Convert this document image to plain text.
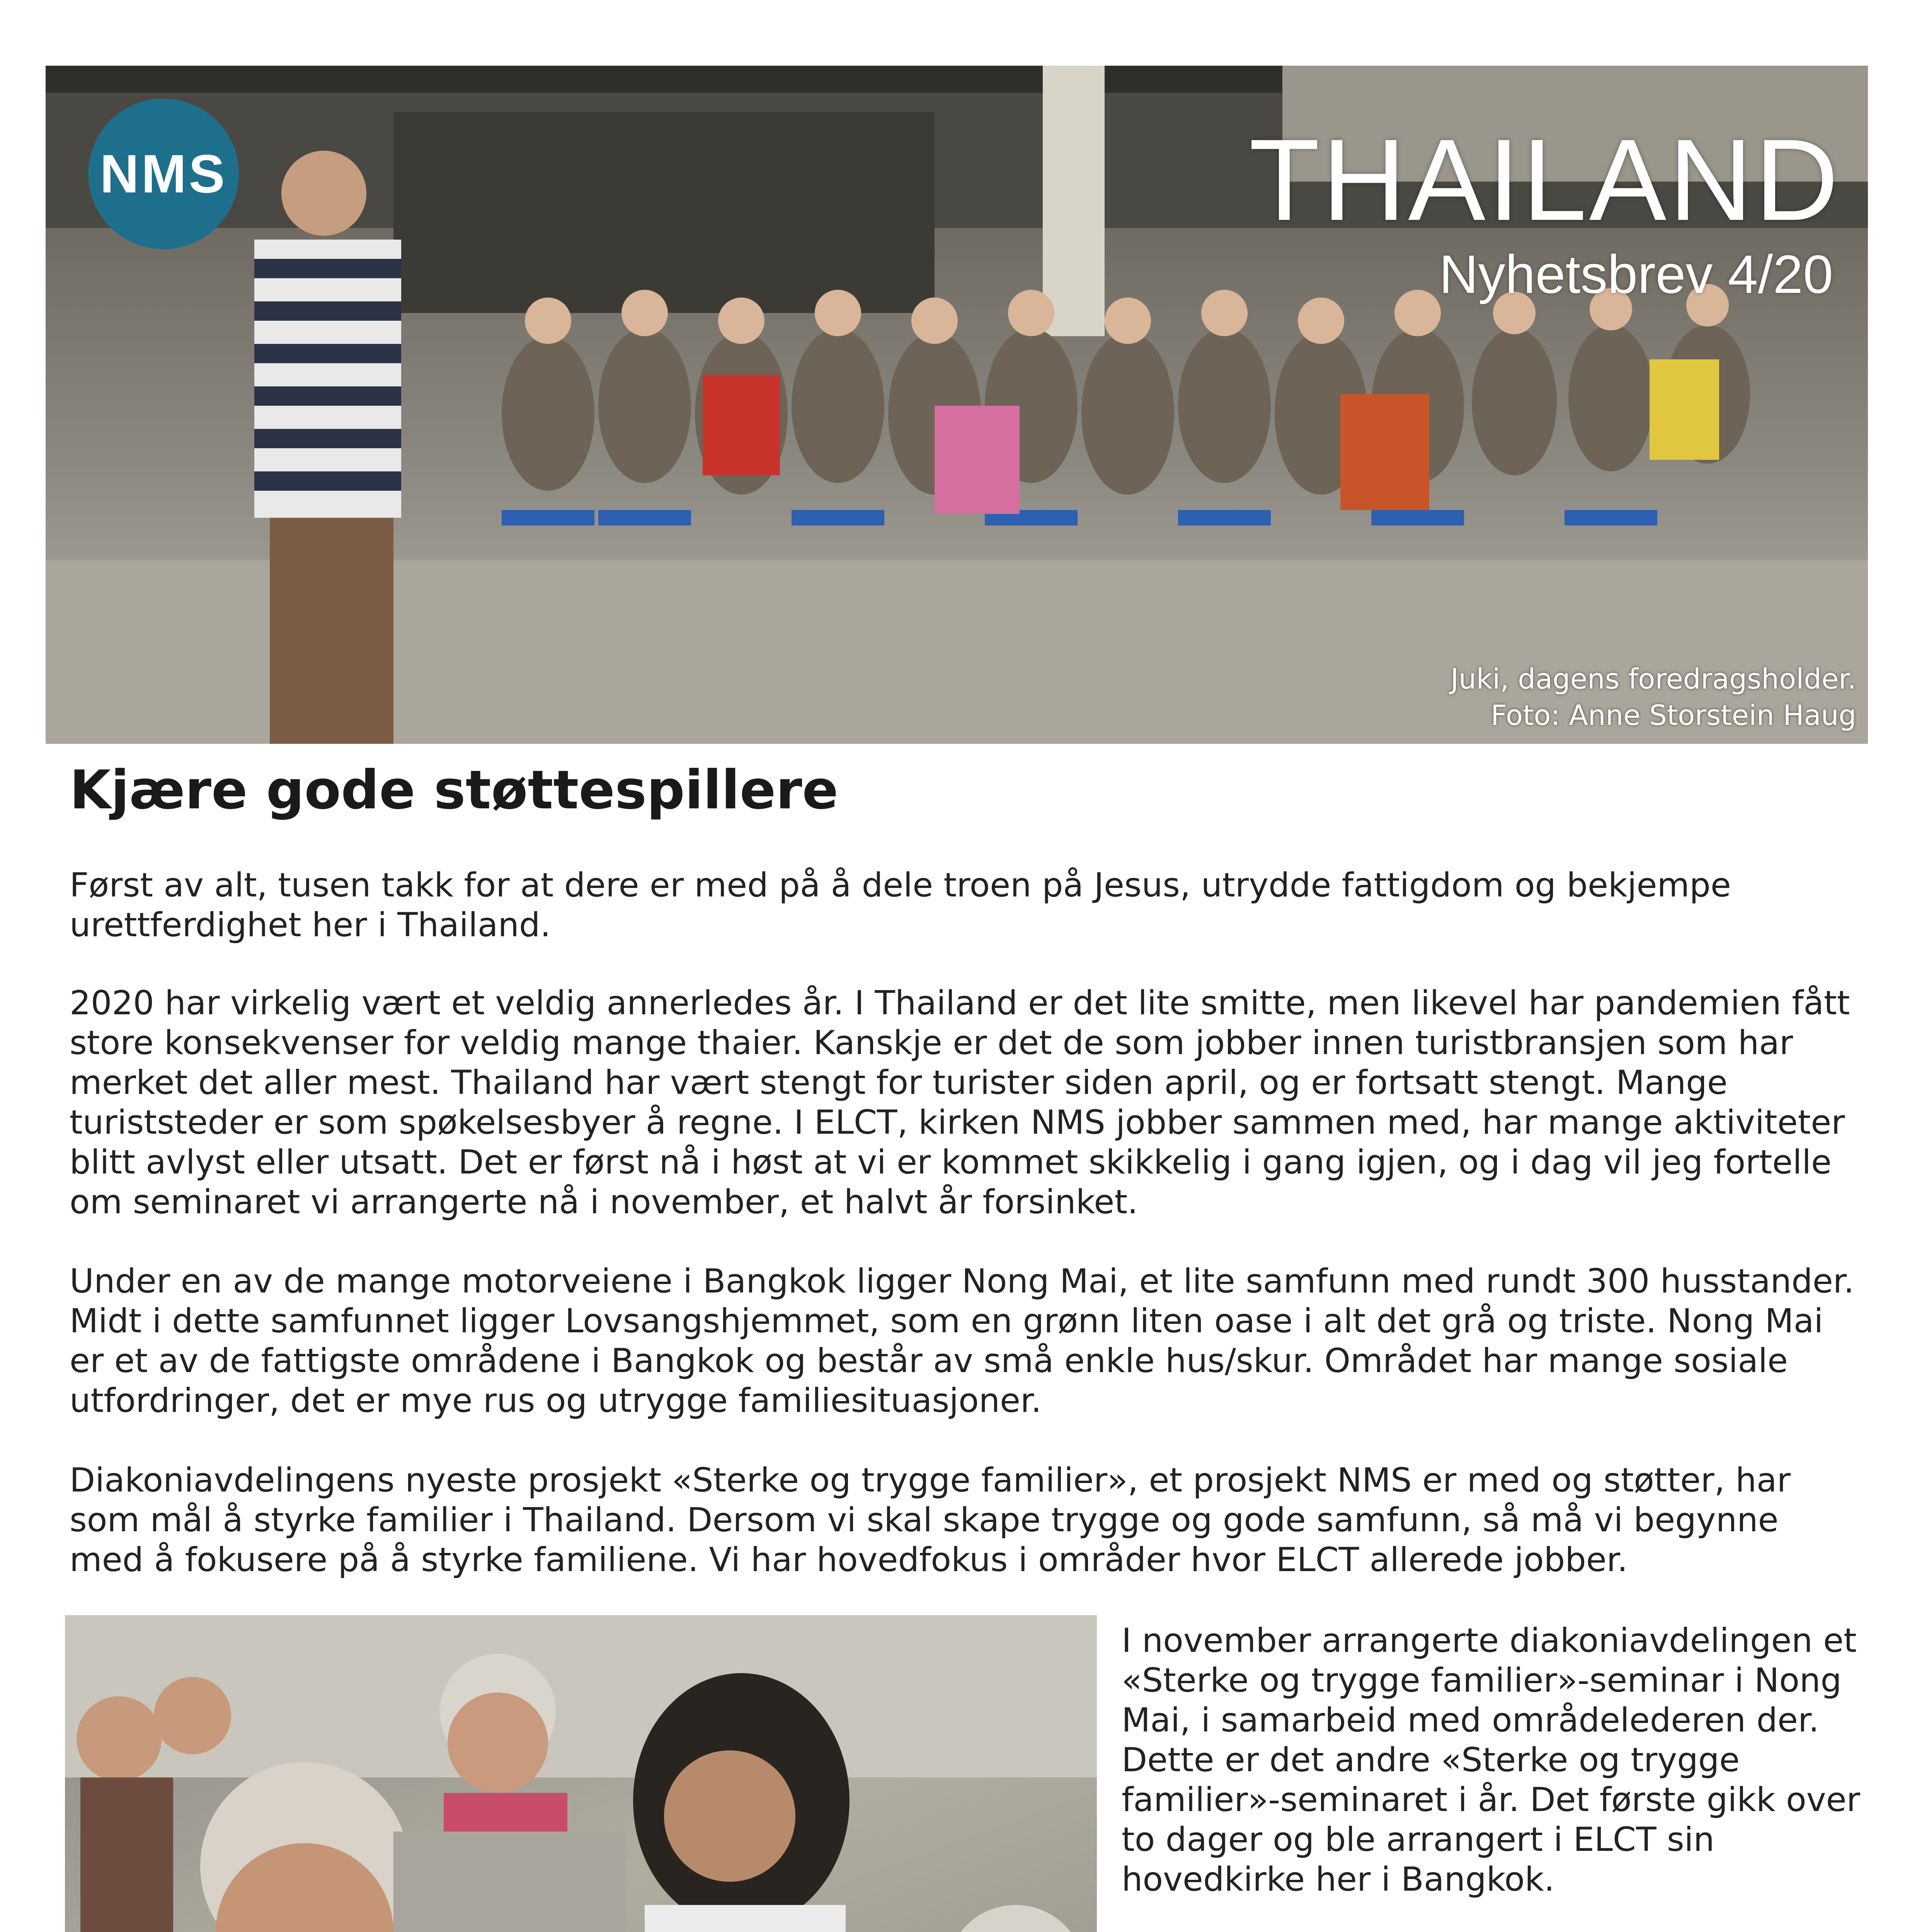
NMS	THAILAND
Nyhetsbrev 4/20
Juki, dagens foredragsholder.
Foto: Anne Storstein Haug
Kjære gode støttespillere

Først av alt, tusen takk for at dere er med på å dele troen på Jesus, utrydde fattigdom og bekjempe urettferdighet her i Thailand.

2020 har virkelig vært et veldig annerledes år. I Thailand er det lite smitte, men likevel har pandemien fått store konsekvenser for veldig mange thaier. Kanskje er det de som jobber innen turistbransjen som har merket det aller mest. Thailand har vært stengt for turister siden april, og er fortsatt stengt. Mange turiststeder er som spøkelsesbyer å regne. I ELCT, kirken NMS jobber sammen med, har mange aktiviteter blitt avlyst eller utsatt. Det er først nå i høst at vi er kommet skikkelig i gang igjen, og i dag vil jeg fortelle om seminaret vi arrangerte nå i november, et halvt år forsinket.

Under en av de mange motorveiene i Bangkok ligger Nong Mai, et lite samfunn med rundt 300 husstander. Midt i dette samfunnet ligger Lovsangshjemmet, som en grønn liten oase i alt det grå og triste. Nong Mai er et av de fattigste områdene i Bangkok og består av små enkle hus/skur. Området har mange sosiale utfordringer, det er mye rus og utrygge familiesituasjoner.

Diakoniavdelingens nyeste prosjekt «Sterke og trygge familier», et prosjekt NMS er med og støtter, har som mål å styrke familier i Thailand. Dersom vi skal skape trygge og gode samfunn, så må vi begynne med å fokusere på å styrke familiene. Vi har hovedfokus i områder hvor ELCT allerede jobber.

I november arrangerte diakoniavdelingen et «Sterke og trygge familier»-seminar i Nong Mai, i samarbeid med områdelederen der. Dette er det andre «Sterke og trygge familier»-seminaret i år. Det første gikk over to dager og ble arrangert i ELCT sin hovedkirke her i Bangkok.
